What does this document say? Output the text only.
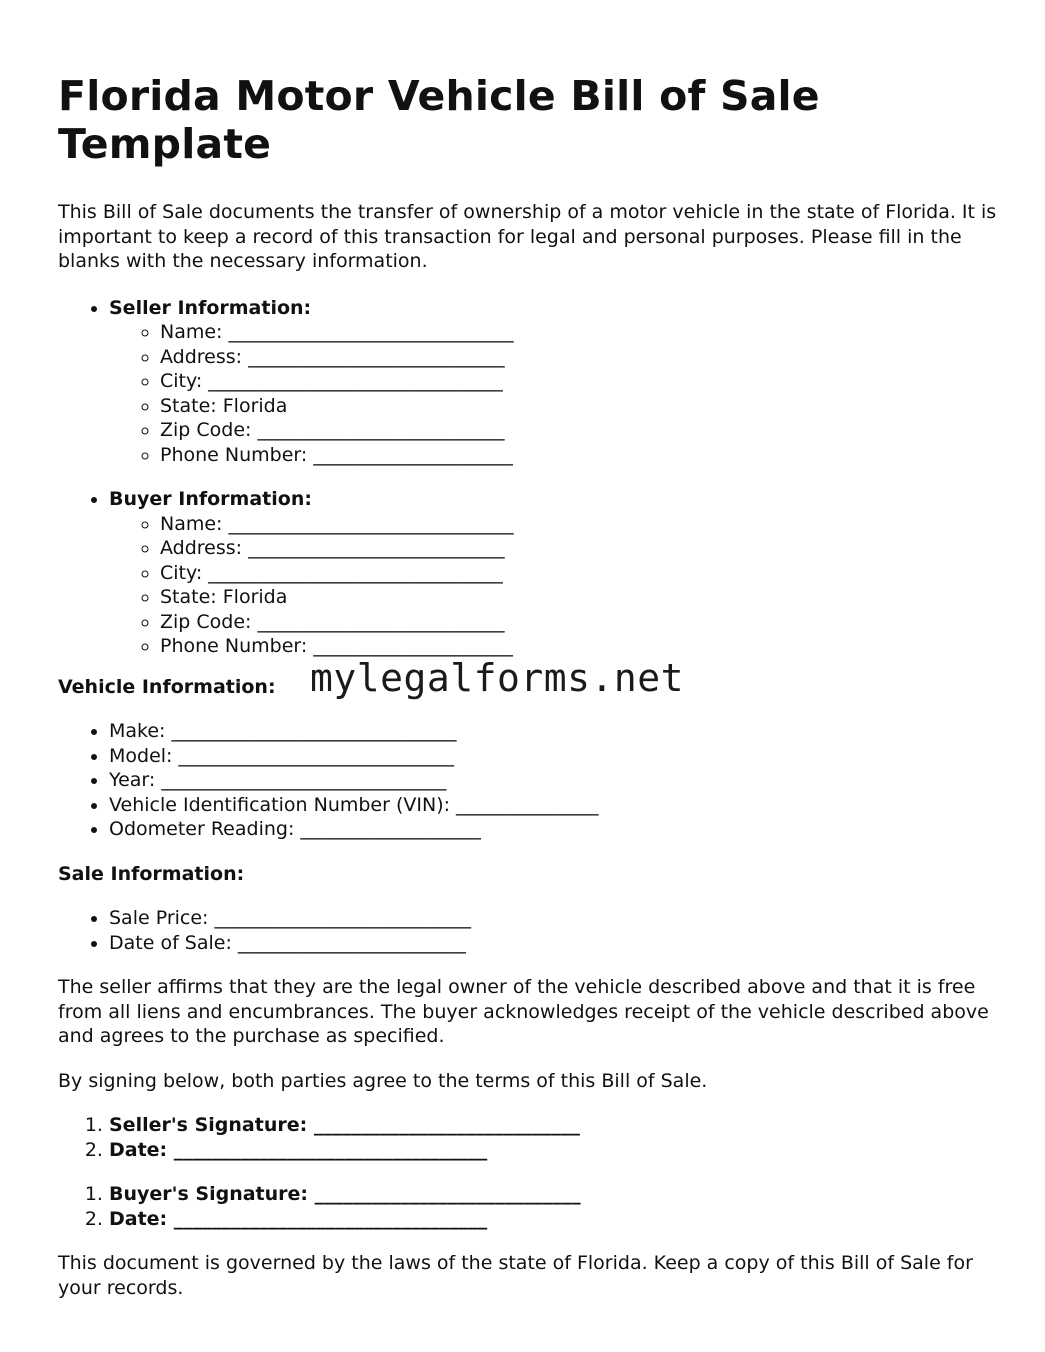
Florida Motor Vehicle Bill of Sale Template

This Bill of Sale documents the transfer of ownership of a motor vehicle in the state of Florida. It is important to keep a record of this transaction for legal and personal purposes. Please fill in the blanks with the necessary information.

• Seller Information:
◦ Name: ______________________________
◦ Address: ___________________________
◦ City: _______________________________
◦ State: Florida
◦ Zip Code: __________________________
◦ Phone Number: _____________________
• Buyer Information:
◦ Name: ______________________________
◦ Address: ___________________________
◦ City: _______________________________
◦ State: Florida
◦ Zip Code: __________________________
◦ Phone Number: _____________________
Vehicle Information:
• Make: ______________________________
• Model: _____________________________
• Year: ______________________________
• Vehicle Identification Number (VIN): _______________
• Odometer Reading: ___________________
Sale Information:
• Sale Price: ___________________________
• Date of Sale: ________________________

The seller affirms that they are the legal owner of the vehicle described above and that it is free from all liens and encumbrances. The buyer acknowledges receipt of the vehicle described above and agrees to the purchase as specified.

By signing below, both parties agree to the terms of this Bill of Sale.

1. Seller's Signature: ____________________________
2. Date: _________________________________
1. Buyer's Signature: ____________________________
2. Date: _________________________________

This document is governed by the laws of the state of Florida. Keep a copy of this Bill of Sale for your records.

mylegalforms.net
